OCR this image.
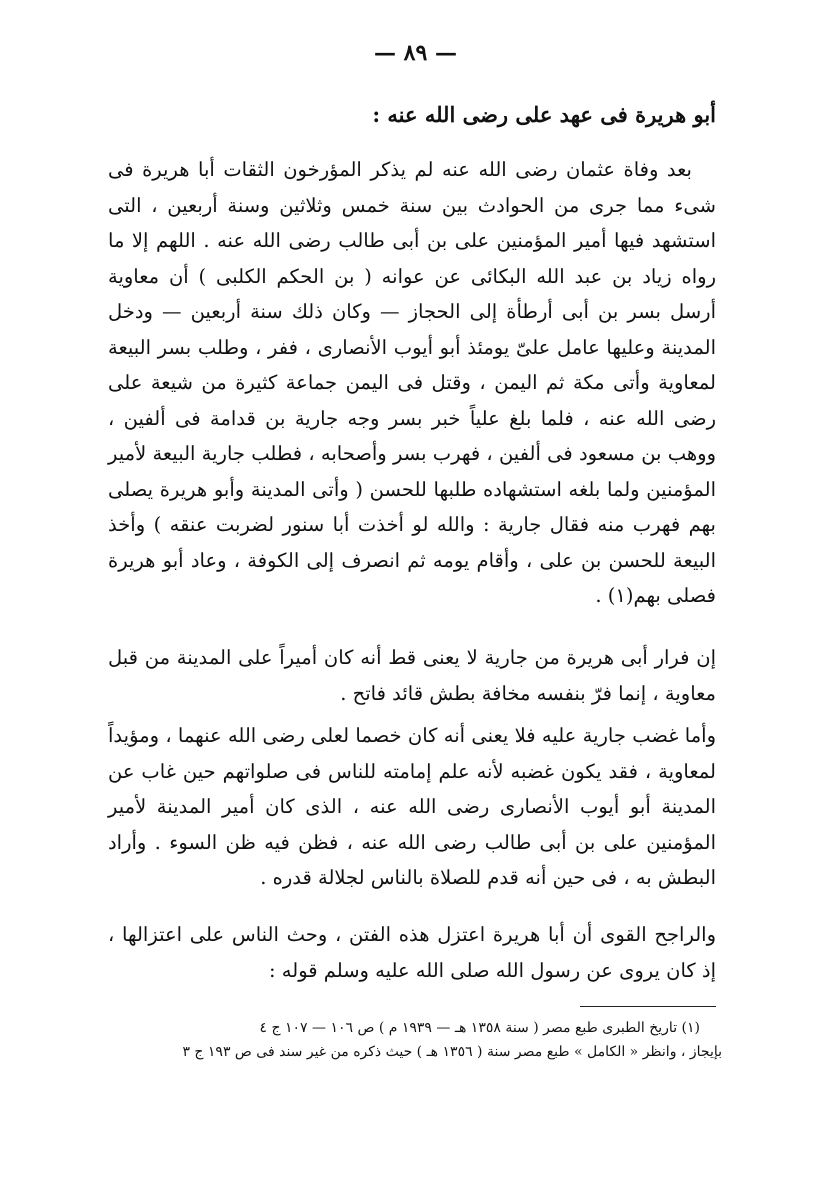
— ٨٩ —
أبو هريرة فى عهد على رضى الله عنه :

بعد وفاة عثمان رضى الله عنه لم يذكر المؤرخون الثقات أبا هريرة فى شىء مما جرى من الحوادث بين سنة خمس وثلاثين وسنة أربعين ، التى استشهد فيها أمير المؤمنين على بن أبى طالب رضى الله عنه . اللهم إلا ما رواه زياد بن عبد الله البكائى عن عوانه ( بن الحكم الكلبى ) أن معاوية أرسل بسر بن أبى أرطأة إلى الحجاز — وكان ذلك سنة أربعين — ودخل المدينة وعليها عامل علىّ يومئذ أبو أيوب الأنصارى ، ففر ، وطلب بسر البيعة لمعاوية وأتى مكة ثم اليمن ، وقتل فى اليمن جماعة كثيرة من شيعة على رضى الله عنه ، فلما بلغ علياً خبر بسر وجه جارية بن قدامة فى ألفين ، ووهب بن مسعود فى ألفين ، فهرب بسر وأصحابه ، فطلب جارية البيعة لأمير المؤمنين ولما بلغه استشهاده طلبها للحسن ( وأتى المدينة وأبو هريرة يصلى بهم فهرب منه فقال جارية : والله لو أخذت أبا سنور لضربت عنقه ) وأخذ البيعة للحسن بن على ، وأقام يومه ثم انصرف إلى الكوفة ، وعاد أبو هريرة فصلى بهم(١) .

إن فرار أبى هريرة من جارية لا يعنى قط أنه كان أميراً على المدينة من قبل معاوية ، إنما فرّ بنفسه مخافة بطش قائد فاتح .

وأما غضب جارية عليه فلا يعنى أنه كان خصما لعلى رضى الله عنهما ، ومؤيداً لمعاوية ، فقد يكون غضبه لأنه علم إمامته للناس فى صلواتهم حين غاب عن المدينة أبو أيوب الأنصارى رضى الله عنه ، الذى كان أمير المدينة لأمير المؤمنين على بن أبى طالب رضى الله عنه ، فظن فيه ظن السوء . وأراد البطش به ، فى حين أنه قدم للصلاة بالناس لجلالة قدره .

والراجح القوى أن أبا هريرة اعتزل هذه الفتن ، وحث الناس على اعتزالها ، إذ كان يروى عن رسول الله صلى الله عليه وسلم قوله :

(١) تاريخ الطبرى طبع مصر ( سنة ١٣٥٨ هـ — ١٩٣٩ م ) ص ١٠٦ — ١٠٧ ج ٤

بإيجاز ، وانظر « الكامل » طبع مصر سنة ( ١٣٥٦ هـ ) حيث ذكره من غير سند فى ص ١٩٣ ج ٣
